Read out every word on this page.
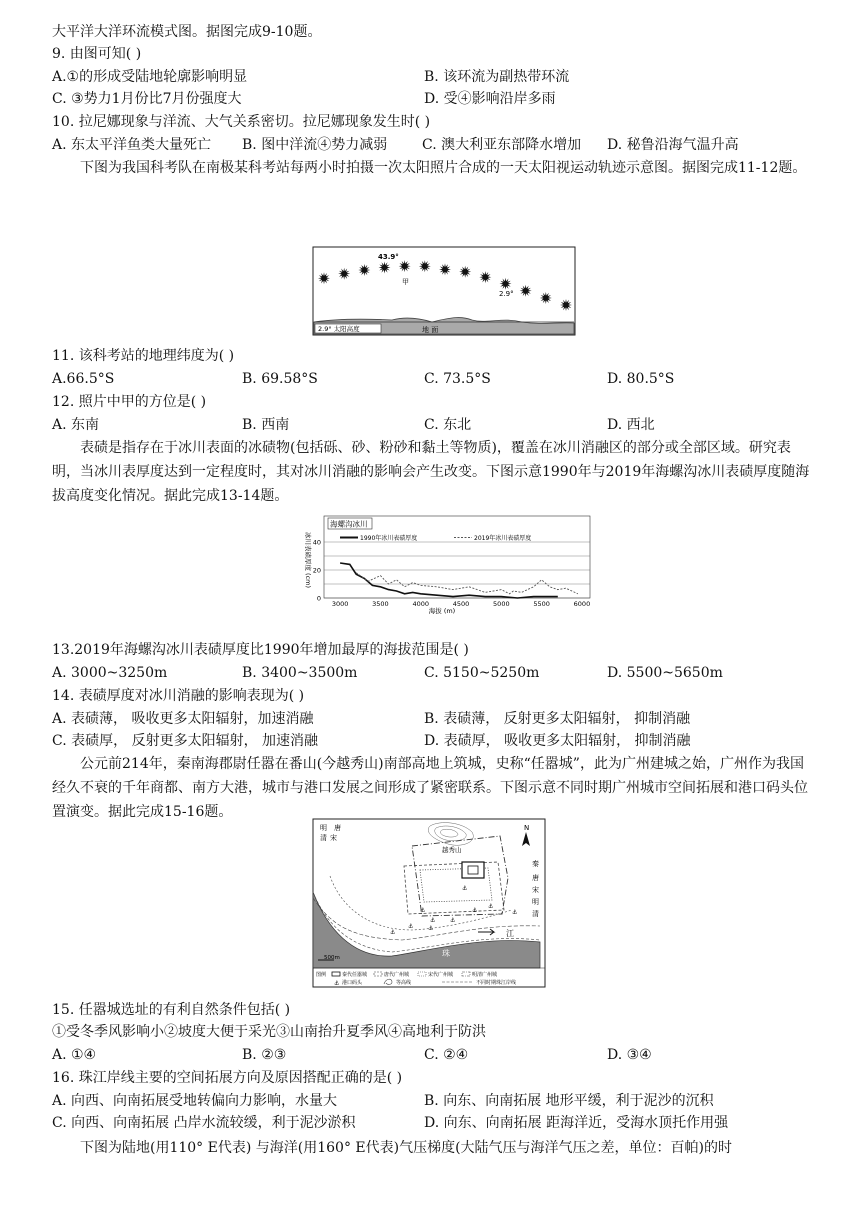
大平洋大洋环流模式图。据图完成9-10题。
9. 由图可知( )
A.①的形成受陆地轮廓影响明显	B. 该环流为副热带环流
C. ③势力1月份比7月份强度大	D. 受④影响沿岸多雨
10. 拉尼娜现象与洋流、大气关系密切。拉尼娜现象发生时( )
A. 东太平洋鱼类大量死亡 B. 图中洋流④势力减弱 C. 澳大利亚东部降水增加 D. 秘鲁沿海气温升高
下图为我国科考队在南极某科考站每两小时拍摄一次太阳照片合成的一天太阳视运动轨迹示意图。据图完成11-12题。
43.9°
甲
2.9°
2.9° 太阳高度	地 面
11. 该科考站的地理纬度为( )
A.66.5°S	B. 69.58°S	C. 73.5°S	D. 80.5°S
12. 照片中甲的方位是( )
A. 东南	B. 西南	C. 东北	D. 西北
表碛是指存在于冰川表面的冰碛物(包括砾、砂、粉砂和黏土等物质)，覆盖在冰川消融区的部分或全部区域。研究表明，当冰川表厚度达到一定程度时，其对冰川消融的影响会产生改变。下图示意1990年与2019年海螺沟冰川表碛厚度随海拔高度变化情况。据此完成13-14题。
0
20
40
3000	3500	4000	4500	5000	5500	6000
海螺沟冰川
1990年冰川表碛厚度	2019年冰川表碛厚度
海拔 (m)
冰川表碛厚度 (cm)
13.2019年海螺沟冰川表碛厚度比1990年增加最厚的海拔范围是( )
A. 3000~3250m	B. 3400~3500m	C. 5150~5250m	D. 5500~5650m
14. 表碛厚度对冰川消融的影响表现为( )
A. 表碛薄， 吸收更多太阳辐射，加速消融	B. 表碛薄， 反射更多太阳辐射， 抑制消融
C. 表碛厚， 反射更多太阳辐射， 加速消融	D. 表碛厚， 吸收更多太阳辐射， 抑制消融
公元前214年，秦南海郡尉任嚣在番山(今越秀山)南部高地上筑城，史称“任嚣城”，此为广州建城之始，广州作为我国经久不衰的千年商都、南方大港，城市与港口发展之间形成了紧密联系。下图示意不同时期广州城市空间拓展和港口码头位置演变。据此完成15-16题。
⚓
⚓ ⚓
⚓
⚓
⚓
⚓
⚓
⚓
⚓
明 唐
宋
清
越秀山
N
秦
唐
宋
明
清
珠
江
500m
图例	秦代任嚣城	唐代广州城	宋代广州城	明清广州城
⚓ 港口码头	等高线	不同时期珠江岸线
15. 任嚣城选址的有利自然条件包括( )
①受冬季风影响小②坡度大便于采光③山南抬升夏季风④高地利于防洪
A. ①④	B. ②③	C. ②④	D. ③④
16. 珠江岸线主要的空间拓展方向及原因搭配正确的是( )
A. 向西、向南拓展受地转偏向力影响，水量大	B. 向东、向南拓展 地形平缓，利于泥沙的沉积
C. 向西、向南拓展 凸岸水流较缓，利于泥沙淤积	D. 向东、向南拓展 距海洋近，受海水顶托作用强
下图为陆地(用110° E代表) 与海洋(用160° E代表)气压梯度(大陆气压与海洋气压之差，单位：百帕)的时
